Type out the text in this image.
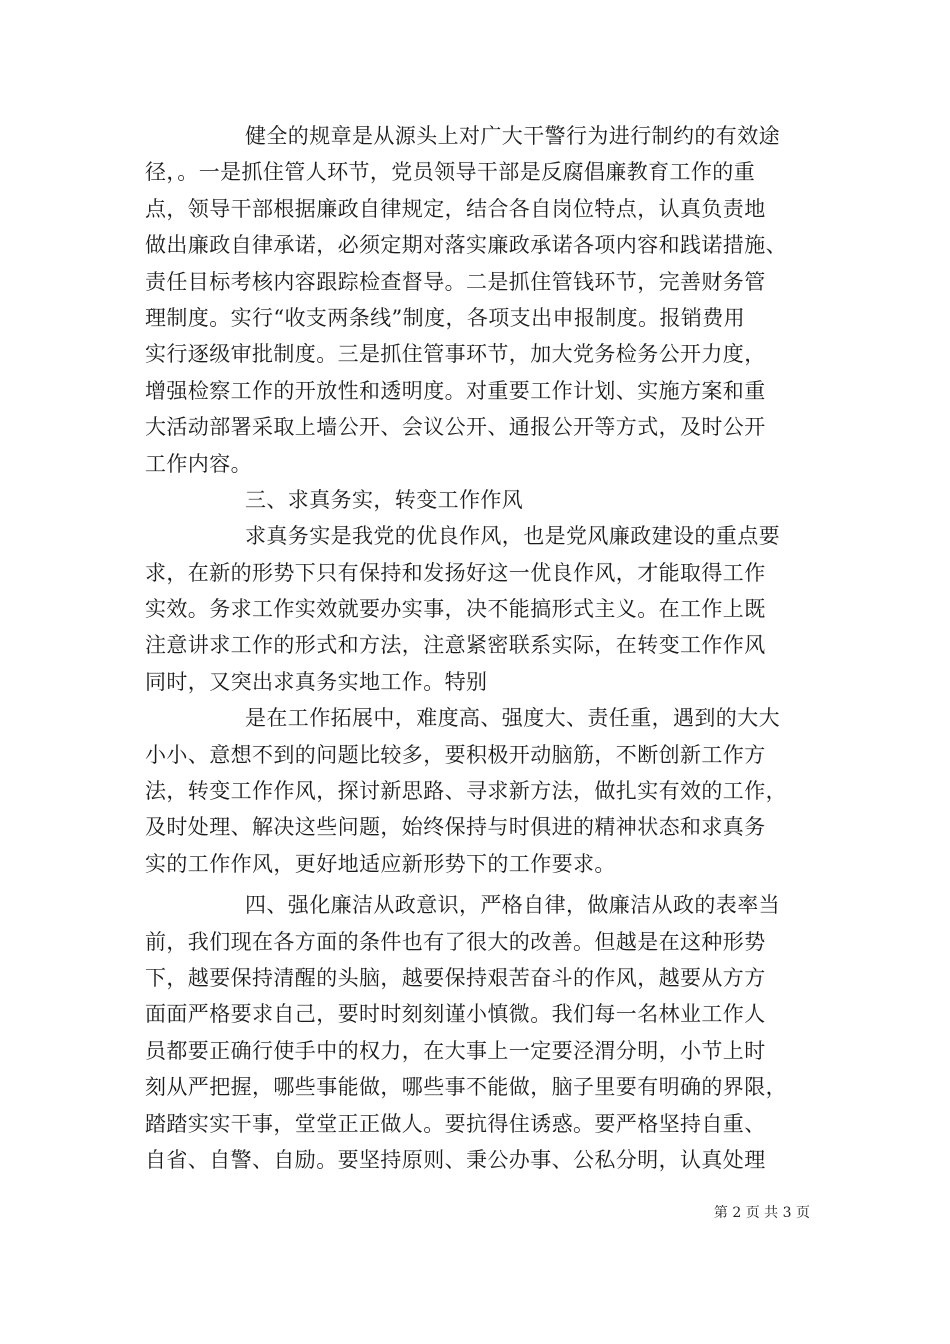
健全的规章是从源头上对广大干警行为进行制约的有效途
径，。一是抓住管人环节，党员领导干部是反腐倡廉教育工作的重
点，领导干部根据廉政自律规定，结合各自岗位特点，认真负责地
做出廉政自律承诺，必须定期对落实廉政承诺各项内容和践诺措施、
责任目标考核内容跟踪检查督导。二是抓住管钱环节，完善财务管
理制度。实行“收支两条线”制度，各项支出申报制度。报销费用
实行逐级审批制度。三是抓住管事环节，加大党务检务公开力度，
增强检察工作的开放性和透明度。对重要工作计划、实施方案和重
大活动部署采取上墙公开、会议公开、通报公开等方式，及时公开
工作内容。
三、求真务实，转变工作作风
求真务实是我党的优良作风，也是党风廉政建设的重点要
求，在新的形势下只有保持和发扬好这一优良作风，才能取得工作
实效。务求工作实效就要办实事，决不能搞形式主义。在工作上既
注意讲求工作的形式和方法，注意紧密联系实际，在转变工作作风
同时，又突出求真务实地工作。特别
是在工作拓展中，难度高、强度大、责任重，遇到的大大
小小、意想不到的问题比较多，要积极开动脑筋，不断创新工作方
法，转变工作作风，探讨新思路、寻求新方法，做扎实有效的工作，
及时处理、解决这些问题，始终保持与时俱进的精神状态和求真务
实的工作作风，更好地适应新形势下的工作要求。
四、强化廉洁从政意识，严格自律，做廉洁从政的表率当
前，我们现在各方面的条件也有了很大的改善。但越是在这种形势
下，越要保持清醒的头脑，越要保持艰苦奋斗的作风，越要从方方
面面严格要求自己，要时时刻刻谨小慎微。我们每一名林业工作人
员都要正确行使手中的权力，在大事上一定要泾渭分明，小节上时
刻从严把握，哪些事能做，哪些事不能做，脑子里要有明确的界限，
踏踏实实干事，堂堂正正做人。要抗得住诱惑。要严格坚持自重、
自省、自警、自励。要坚持原则、秉公办事、公私分明，认真处理
第 2 页 共 3 页
